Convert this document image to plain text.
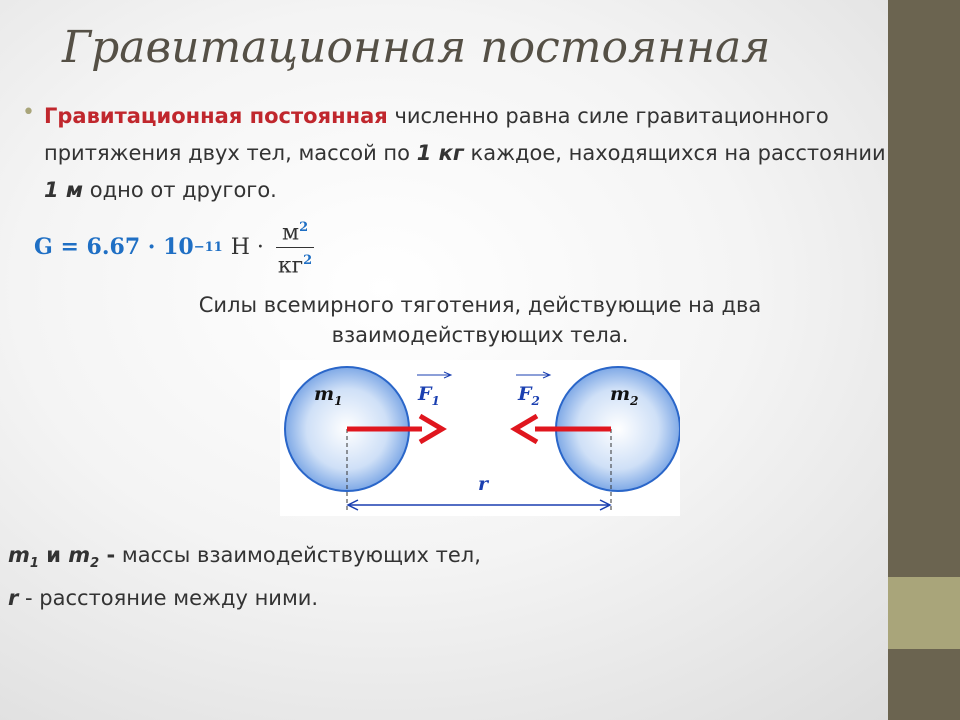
Гравитационная постоянная
• Гравитационная постоянная численно равна силе гравитационного притяжения двух тел, массой по 1 кг каждое, находящихся на расстоянии 1 м одно от другого.
G = 6.67 · 10 −11 $Н \cdot \frac{м^2}{кг^2}$
Силы всемирного тяготения, действующие на два взаимодействующих тела.
$m_1$	$m_2$
$F_1$	$F_2$
r
$m_1$ и $m_2$ - массы взаимодействующих тел,
r - расстояние между ними.
